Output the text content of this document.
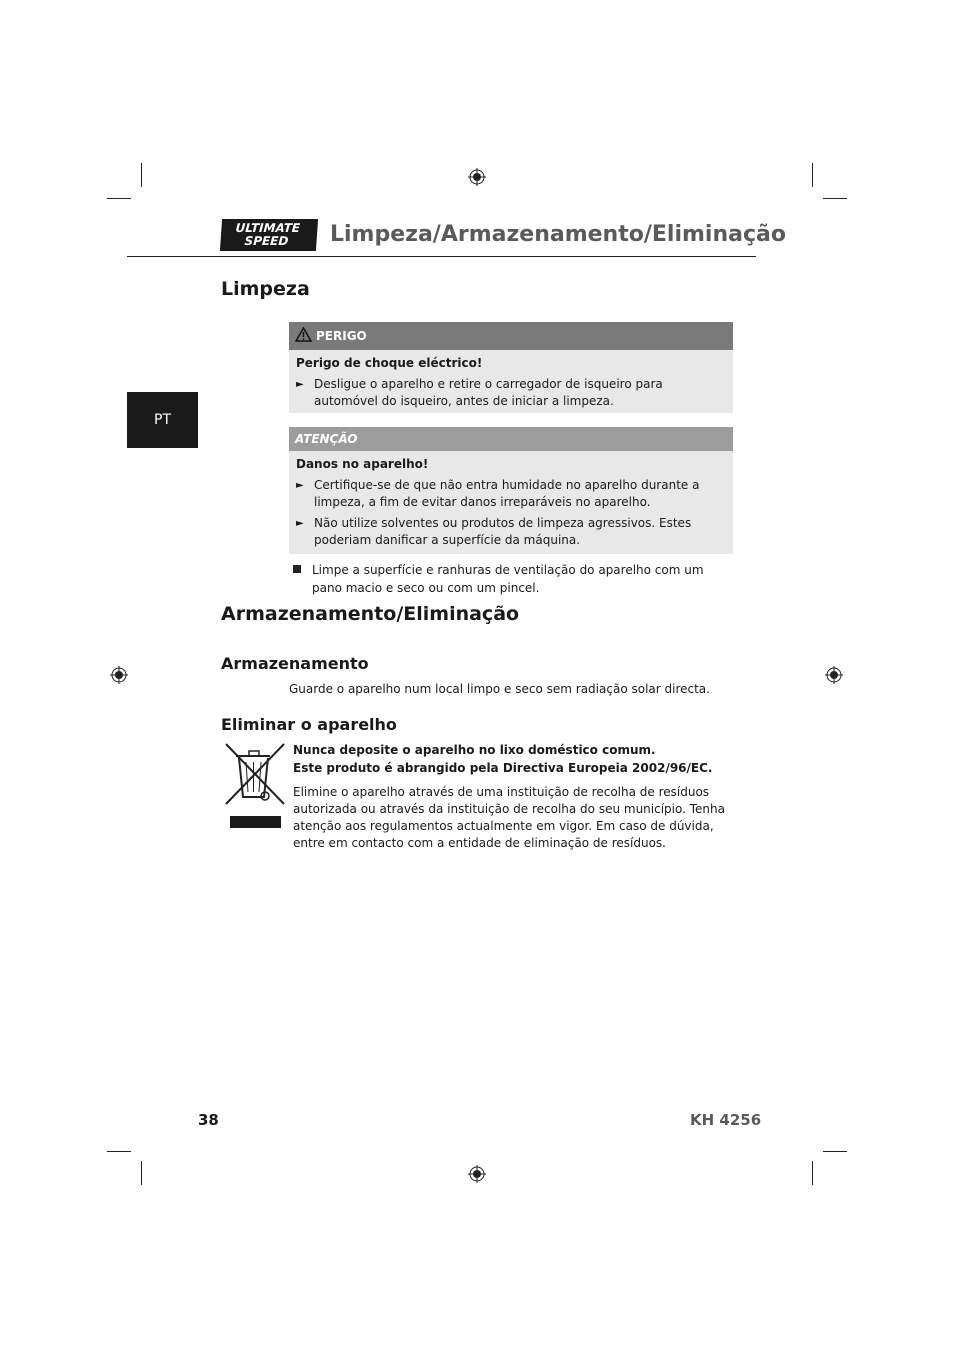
ULTIMATE
SPEED	Limpeza/Armazenamento/Eliminação
PT
Limpeza
PERIGO
Perigo de choque eléctrico!
► Desligue o aparelho e retire o carregador de isqueiro para automóvel do isqueiro, antes de iniciar a limpeza.
ATENÇÃO
Danos no aparelho!
► Certifique-se de que não entra humidade no aparelho durante a limpeza, a fim de evitar danos irreparáveis no aparelho.
► Não utilize solventes ou produtos de limpeza agressivos. Estes poderiam danificar a superfície da máquina.
Limpe a superfície e ranhuras de ventilação do aparelho com um pano macio e seco ou com um pincel.
Armazenamento/Eliminação
Armazenamento
Guarde o aparelho num local limpo e seco sem radiação solar directa.
Eliminar o aparelho
Nunca deposite o aparelho no lixo doméstico comum.
Este produto é abrangido pela Directiva Europeia 2002/96/EC.
Elimine o aparelho através de uma instituição de recolha de resíduos autorizada ou através da instituição de recolha do seu município. Tenha atenção aos regulamentos actualmente em vigor. Em caso de dúvida, entre em contacto com a entidade de eliminação de resíduos.
38	KH 4256
